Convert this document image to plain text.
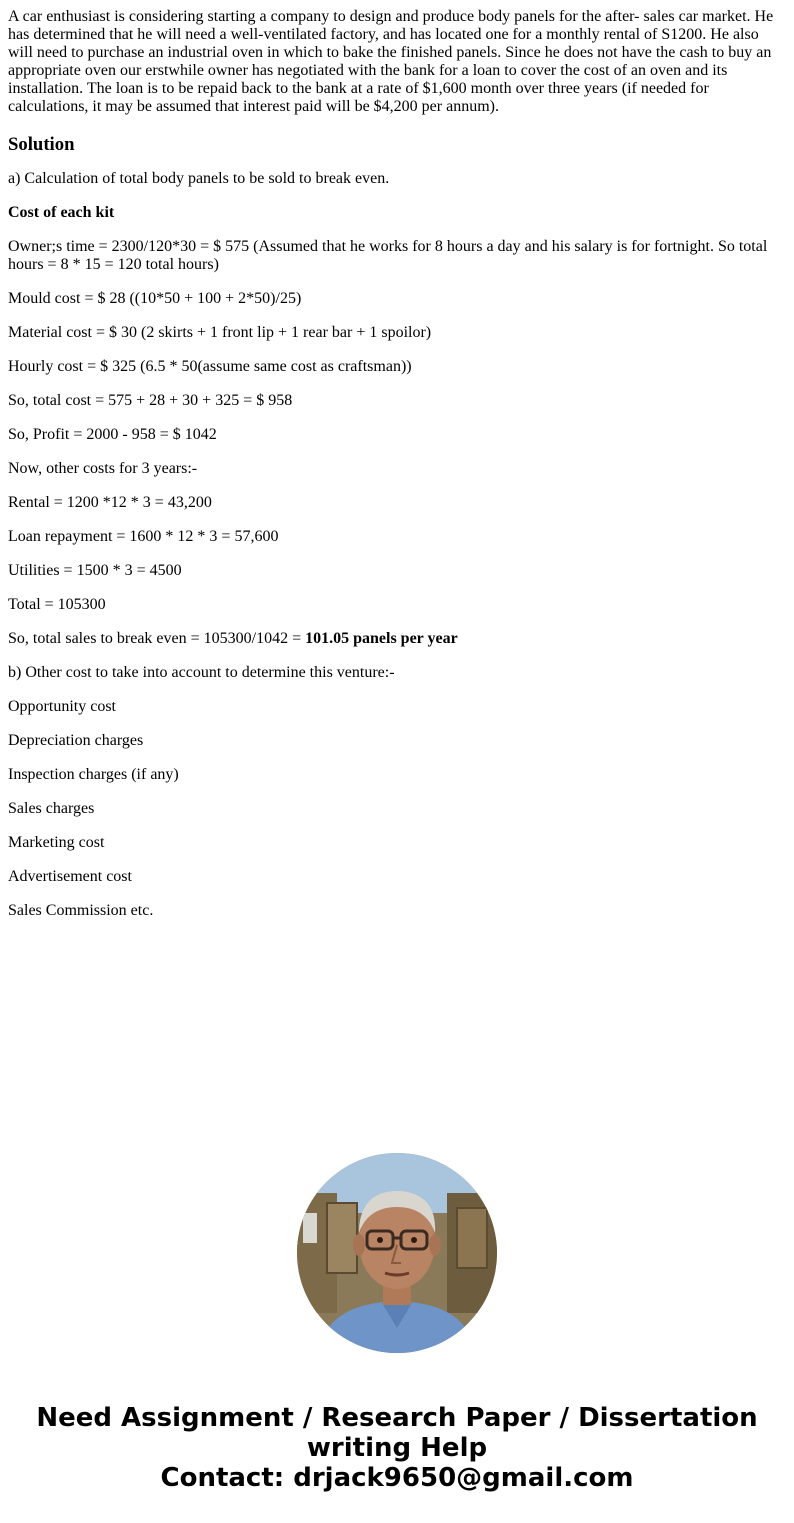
A car enthusiast is considering starting a company to design and produce body panels for the after- sales car market. He has determined that he will need a well-ventilated factory, and has located one for a monthly rental of S1200. He also will need to purchase an industrial oven in which to bake the finished panels. Since he does not have the cash to buy an appropriate oven our erstwhile owner has negotiated with the bank for a loan to cover the cost of an oven and its installation. The loan is to be repaid back to the bank at a rate of $1,600 month over three years (if needed for calculations, it may be assumed that interest paid will be $4,200 per annum).

Solution

a) Calculation of total body panels to be sold to break even.

Cost of each kit

Owner;s time = 2300/120*30 = $ 575 (Assumed that he works for 8 hours a day and his salary is for fortnight. So total hours = 8 * 15 = 120 total hours)

Mould cost = $ 28 ((10*50 + 100 + 2*50)/25)

Material cost = $ 30 (2 skirts + 1 front lip + 1 rear bar + 1 spoilor)

Hourly cost = $ 325 (6.5 * 50(assume same cost as craftsman))

So, total cost = 575 + 28 + 30 + 325 = $ 958

So, Profit = 2000 - 958 = $ 1042

Now, other costs for 3 years:-

Rental = 1200 *12 * 3 = 43,200

Loan repayment = 1600 * 12 * 3 = 57,600

Utilities = 1500 * 3 = 4500

Total = 105300

So, total sales to break even = 105300/1042 = 101.05 panels per year

b) Other cost to take into account to determine this venture:-

Opportunity cost

Depreciation charges

Inspection charges (if any)

Sales charges

Marketing cost

Advertisement cost

Sales Commission etc.

Need Assignment / Research Paper / Dissertation
writing Help
Contact: drjack9650@gmail.com
